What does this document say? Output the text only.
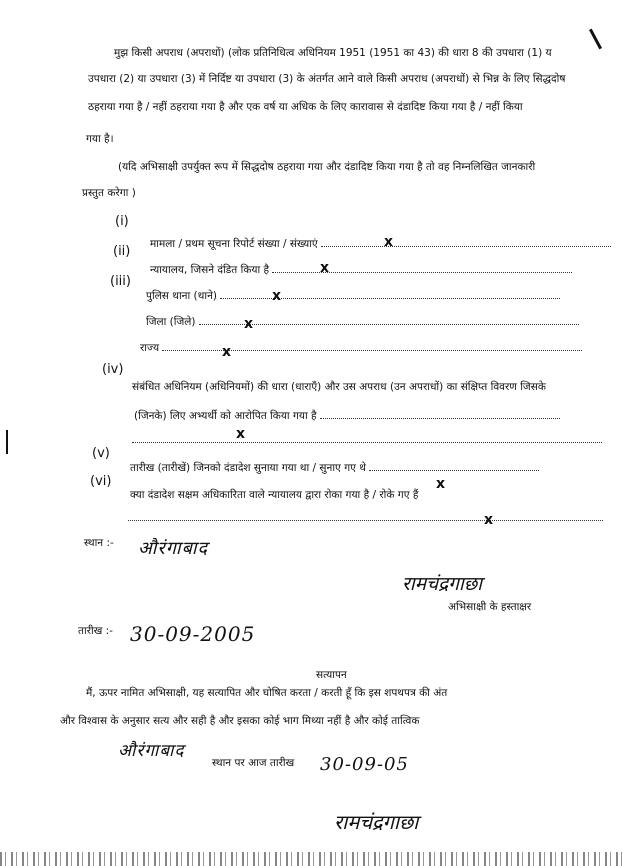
मुझ किसी अपराध (अपराधों) (लोक प्रतिनिधित्व अधिनियम 1951 (1951 का 43) की धारा 8 की उपधारा (1) य
उपधारा (2) या उपधारा (3) में निर्दिष्ट या उपधारा (3) के अंतर्गत आने वाले किसी अपराध (अपराधों) से भिन्न के लिए सिद्धदोष
ठहराया गया है / नहीं ठहराया गया है और एक वर्ष या अधिक के लिए कारावास से दंडादिष्ट किया गया है / नहीं किया
गया है।
(यदि अभिसाक्षी उपर्युक्त रूप में सिद्धदोष ठहराया गया और दंडादिष्ट किया गया है तो वह निम्नलिखित जानकारी
प्रस्तुत करेगा )
(i)
मामला / प्रथम सूचना रिपोर्ट संख्या / संख्याएं	x
(ii)
न्यायालय, जिसने दंडित किया है	x
(iii)
पुलिस थाना (थाने)	x
जिला (जिले)	x
राज्य	x
(iv)
संबंधित अधिनियम (अधिनियमों) की धारा (धाराएँ) और उस अपराध (उन अपराधों) का संक्षिप्त विवरण जिसके
(जिनके) लिए अभ्यर्थी को आरोपित किया गया है
x
(v)
तारीख (तारीखें) जिनको दंडादेश सुनाया गया था / सुनाए गए थे
x
(vi)
क्या दंडादेश सक्षम अधिकारिता वाले न्यायालय द्वारा रोका गया है / रोके गए हैं
x
स्थान :- औरंगाबाद
रामचंद्रगाछा
अभिसाक्षी के हस्ताक्षर
तारीख :- 30-09-2005
सत्यापन
मैं, ऊपर नामित अभिसाक्षी, यह सत्यापित और घोषित करता / करती हूँ कि इस शपथपत्र की अंत
और विश्वास के अनुसार सत्य और सही है और इसका कोई भाग मिथ्या नहीं है और कोई तात्विक
औरंगाबाद
स्थान पर आज तारीख 30-09-05
रामचंद्रगाछा
